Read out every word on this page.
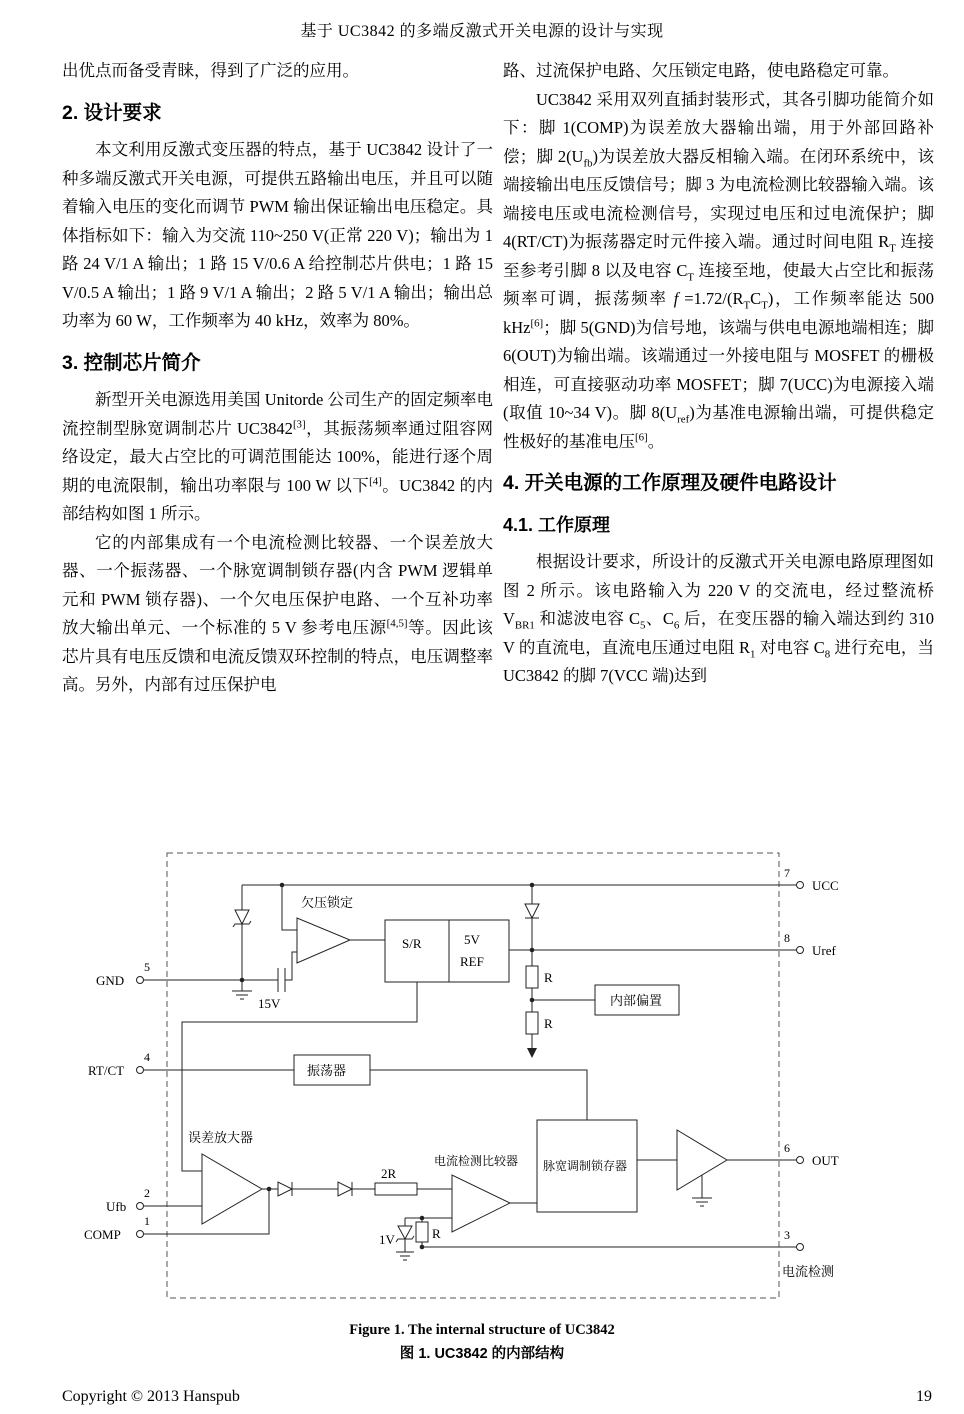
基于 UC3842 的多端反激式开关电源的设计与实现

出优点而备受青睐，得到了广泛的应用。

2. 设计要求

本文利用反激式变压器的特点，基于 UC3842 设计了一种多端反激式开关电源，可提供五路输出电压，并且可以随着输入电压的变化而调节 PWM 输出保证输出电压稳定。具体指标如下：输入为交流 110~250 V(正常 220 V)；输出为 1 路 24 V/1 A 输出；1 路 15 V/0.6 A 给控制芯片供电；1 路 15 V/0.5 A 输出；1 路 9 V/1 A 输出；2 路 5 V/1 A 输出；输出总功率为 60 W，工作频率为 40 kHz，效率为 80%。

3. 控制芯片简介

新型开关电源选用美国 Unitorde 公司生产的固定频率电流控制型脉宽调制芯片 UC3842[3]，其振荡频率通过阻容网络设定，最大占空比的可调范围能达 100%，能进行逐个周期的电流限制，输出功率限与 100 W 以下[4]。UC3842 的内部结构如图 1 所示。

它的内部集成有一个电流检测比较器、一个误差放大器、一个振荡器、一个脉宽调制锁存器(内含 PWM 逻辑单元和 PWM 锁存器)、一个欠电压保护电路、一个互补功率放大输出单元、一个标准的 5 V 参考电压源[4,5]等。因此该芯片具有电压反馈和电流反馈双环控制的特点，电压调整率高。另外，内部有过压保护电

路、过流保护电路、欠压锁定电路，使电路稳定可靠。

UC3842 采用双列直插封装形式，其各引脚功能简介如下：脚 1(COMP)为误差放大器输出端，用于外部回路补偿；脚 $2(U_{fb})$为误差放大器反相输入端。在闭环系统中，该端接输出电压反馈信号；脚 3 为电流检测比较器输入端。该端接电压或电流检测信号，实现过电压和过电流保护；脚 4(RT/CT)为振荡器定时元件接入端。通过时间电阻 $R_T$ 连接至参考引脚 8 以及电容 $C_T$ 连接至地，使最大占空比和振荡频率可调，振荡频率 $f =1.72/(R_TC_T)$，工作频率能达 500 kHz[6]；脚 5(GND)为信号地，该端与供电电源地端相连；脚 6(OUT)为输出端。该端通过一外接电阻与 MOSFET 的栅极相连，可直接驱动功率 MOSFET；脚 7(UCC)为电源接入端(取值 10~34 V)。脚 $8(U_{ref})$为基准电源输出端，可提供稳定性极好的基准电压[6]。

4. 开关电源的工作原理及硬件电路设计
4.1. 工作原理

根据设计要求，所设计的反激式开关电源电路原理图如图 2 所示。该电路输入为 220 V 的交流电，经过整流桥 $V_{BR1}$ 和滤波电容 $C_5$、$C_6$ 后，在变压器的输入端达到约 310 V 的直流电，直流电压通过电阻 $R_1$ 对电容 $C_8$ 进行充电，当 UC3842 的脚 7(VCC 端)达到

7
UCC
5
GND
15V
欠压锁定
S/R	5V
REF
8
Uref
R
R
内部偏置
4
RT/CT	振荡器
误差放大器
2
Ufb
1
COMP
2R
电流检测比较器
1V	R	3
电流检测
脉宽调制锁存器
6
OUT
Figure 1. The internal structure of UC3842
图 1. UC3842 的内部结构
Copyright © 2013 Hanspub	19
